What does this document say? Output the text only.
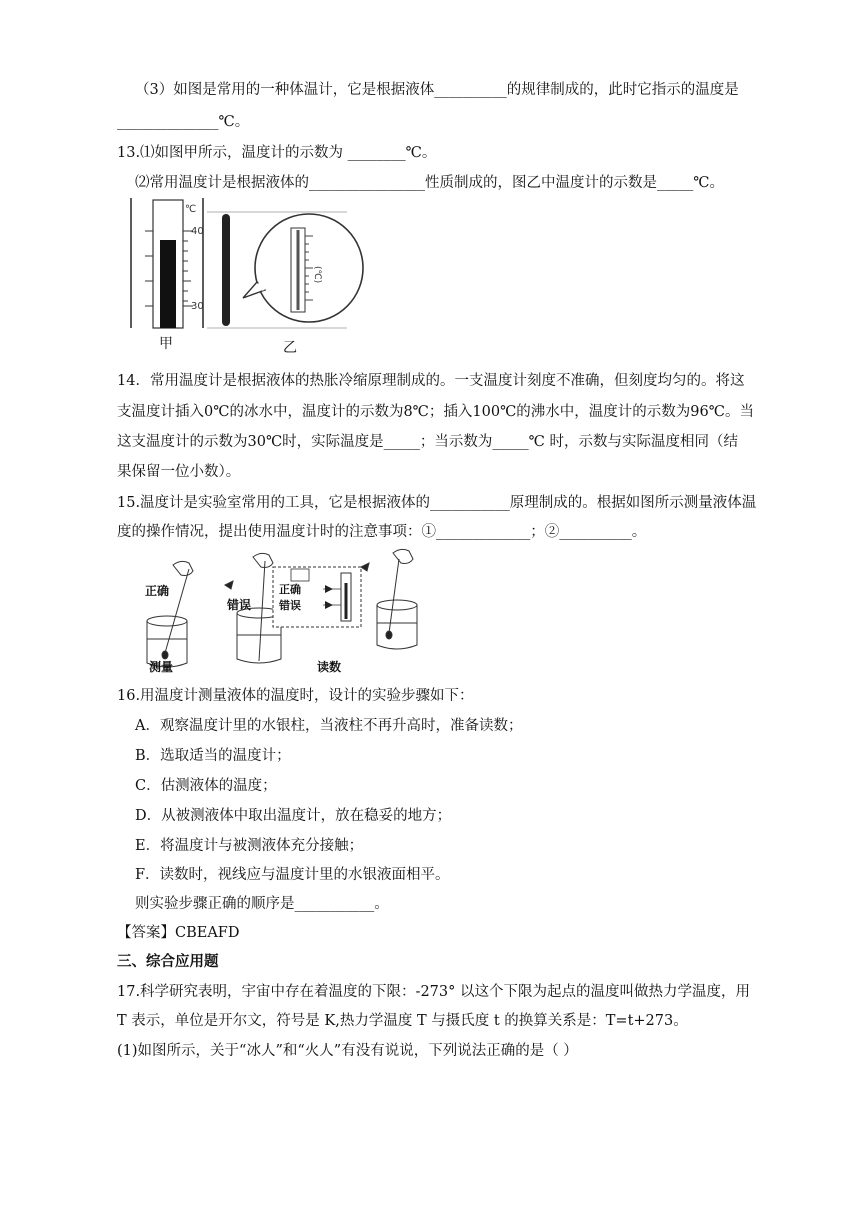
（3）如图是常用的一种体温计，它是根据液体__________的规律制成的，此时它指示的温度是
______________℃。
13.⑴如图甲所示，温度计的示数为 ________℃。
⑵常用温度计是根据液体的________________性质制成的，图乙中温度计的示数是_____℃。
℃
40
30
甲
(℃)
乙
14．常用温度计是根据液体的热胀冷缩原理制成的。一支温度计刻度不准确，但刻度均匀的。将这
支温度计插入0℃的冰水中，温度计的示数为8℃；插入100℃的沸水中，温度计的示数为96℃。当
这支温度计的示数为30℃时，实际温度是_____；当示数为_____℃ 时，示数与实际温度相同（结
果保留一位小数）。
15.温度计是实验室常用的工具，它是根据液体的___________原理制成的。根据如图所示测量液体温
度的操作情况，提出使用温度计时的注意事项：①_____________；②__________。
正确
错误
正确
错误
测量	读数
16.用温度计测量液体的温度时，设计的实验步骤如下：
A．观察温度计里的水银柱，当液柱不再升高时，准备读数；
B．选取适当的温度计；
C．估测液体的温度；
D．从被测液体中取出温度计，放在稳妥的地方；
E．将温度计与被测液体充分接触；
F．读数时，视线应与温度计里的水银液面相平。
则实验步骤正确的顺序是___________。
【答案】CBEAFD
三、综合应用题
17.科学研究表明，宇宙中存在着温度的下限：-273° 以这个下限为起点的温度叫做热力学温度，用
T 表示，单位是开尔文，符号是 K,热力学温度 T 与摄氏度 t 的换算关系是：T=t+273。
(1)如图所示，关于“冰人”和“火人”有没有说说，下列说法正确的是（ ）
